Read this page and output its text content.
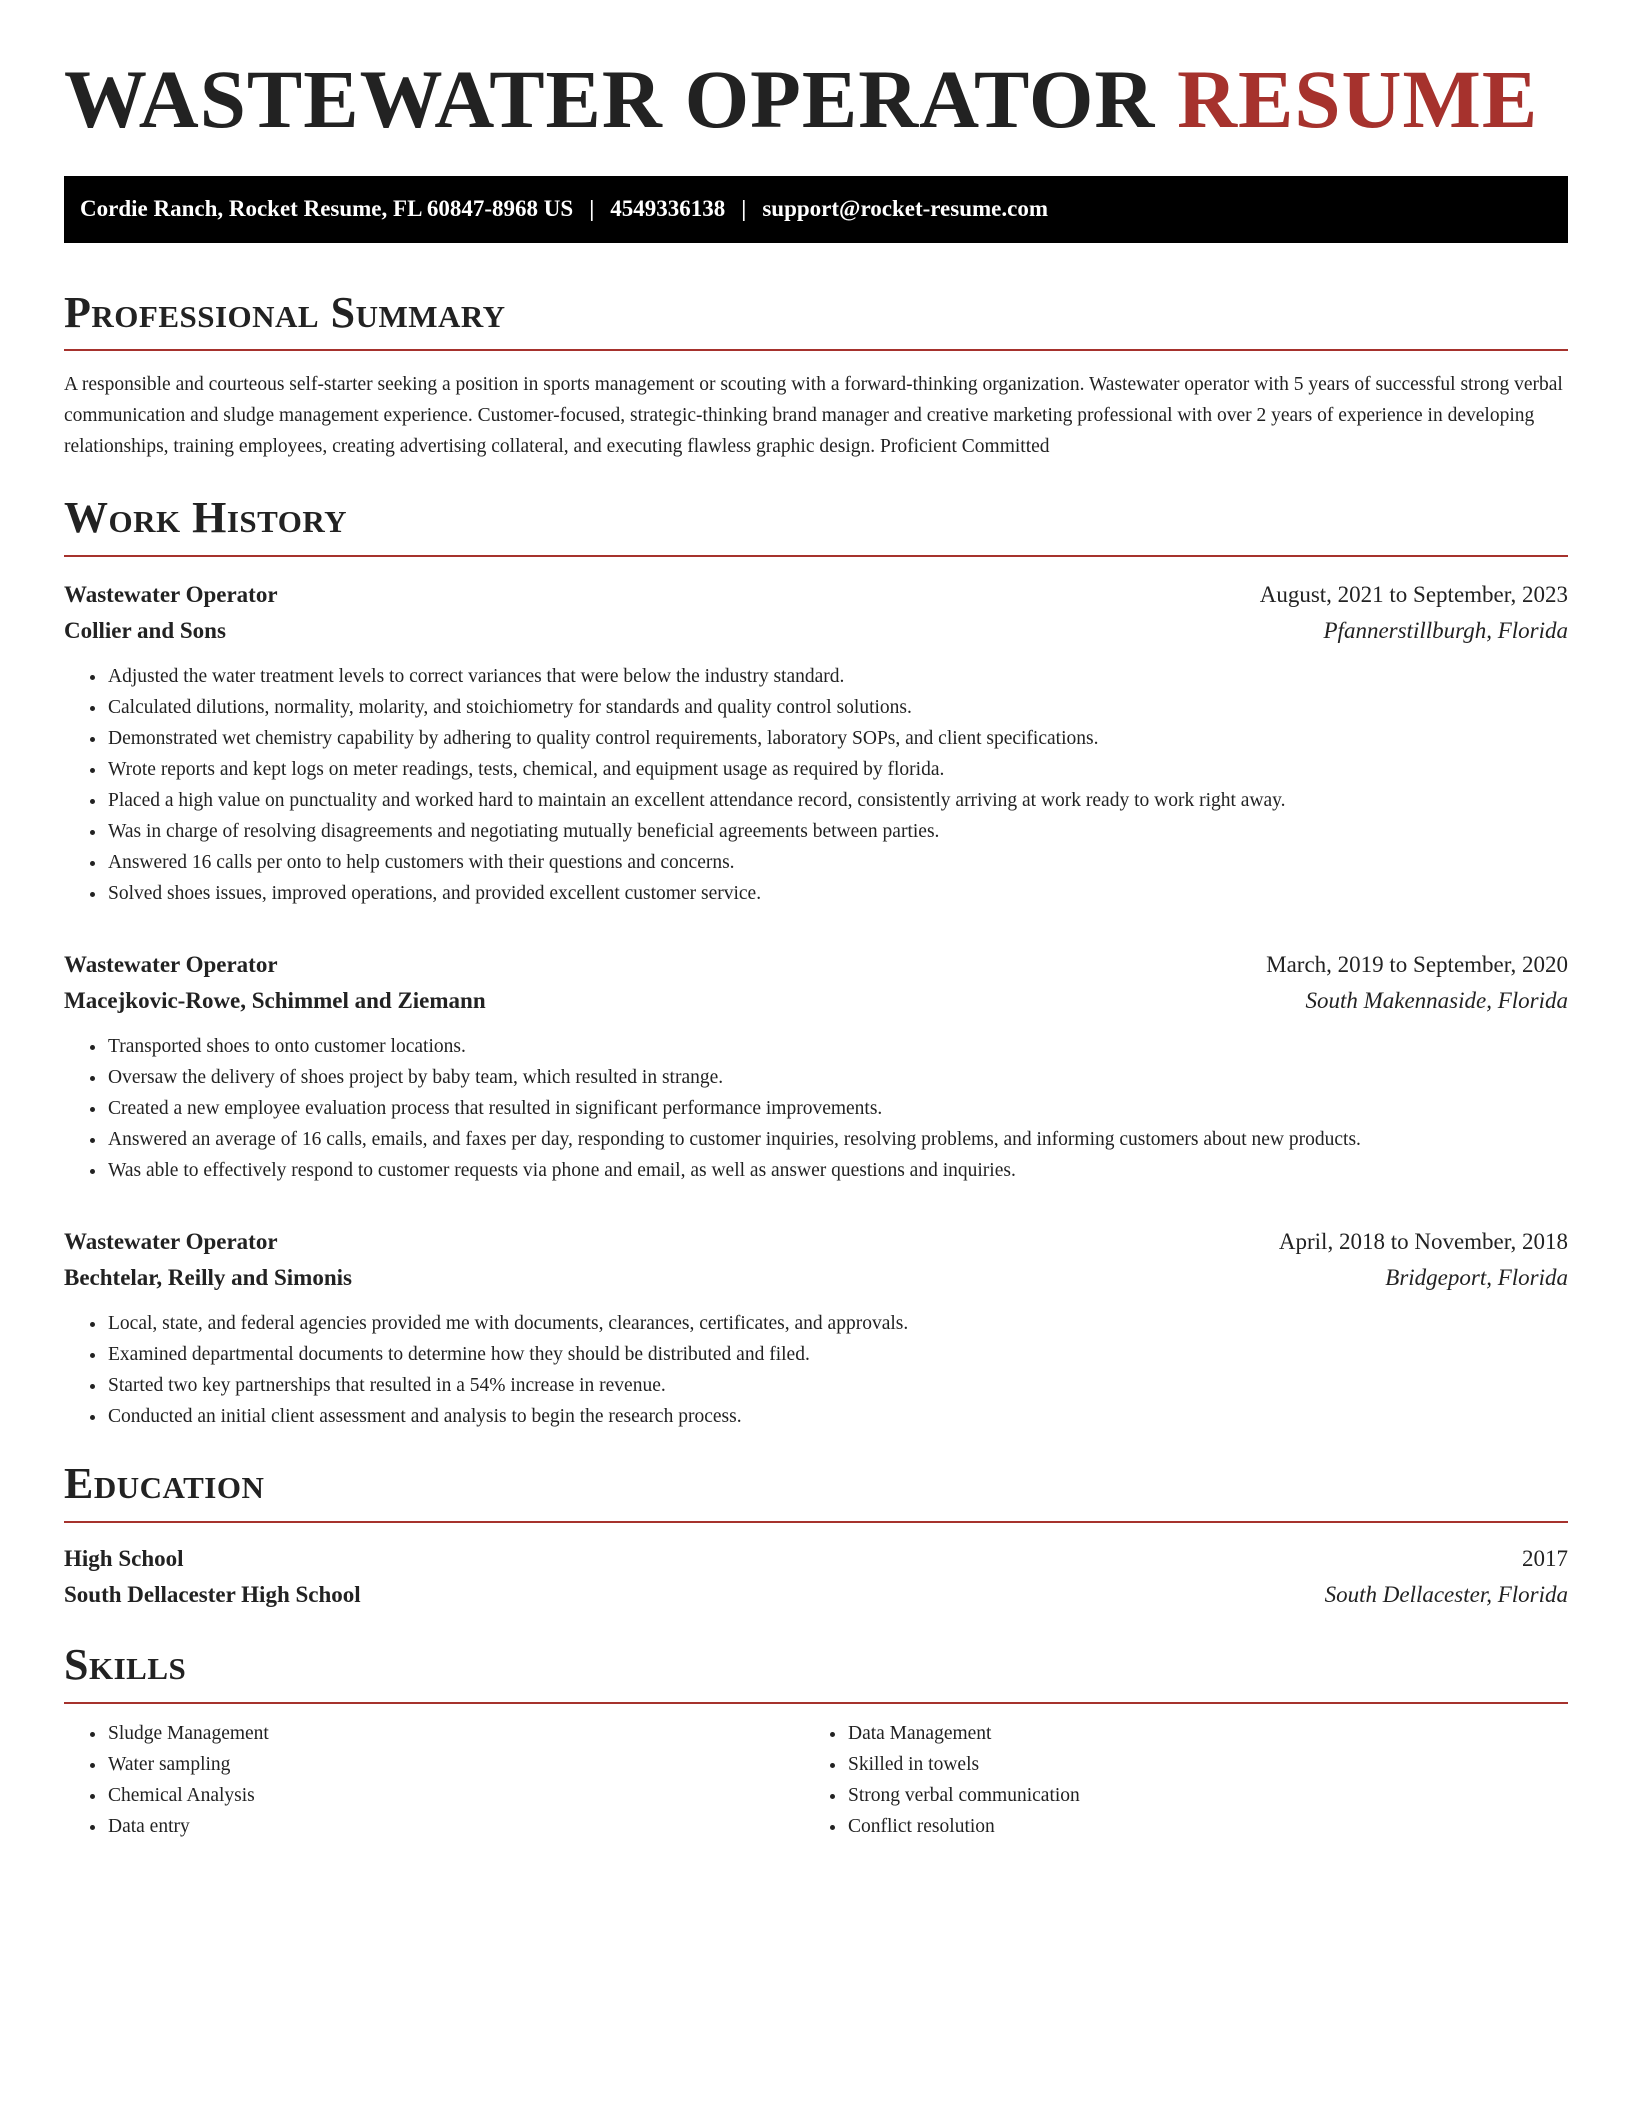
WASTEWATER OPERATOR RESUME
Cordie Ranch, Rocket Resume, FL 60847-8968 US | 4549336138 | support@rocket-resume.com
Professional Summary

A responsible and courteous self-starter seeking a position in sports management or scouting with a forward-thinking organization. Wastewater operator with 5 years of successful strong verbal communication and sludge management experience. Customer-focused, strategic-thinking brand manager and creative marketing professional with over 2 years of experience in developing relationships, training employees, creating advertising collateral, and executing flawless graphic design. Proficient Committed

Work History
Wastewater Operator	August, 2021 to September, 2023
Collier and Sons	Pfannerstillburgh, Florida
• Adjusted the water treatment levels to correct variances that were below the industry standard.
• Calculated dilutions, normality, molarity, and stoichiometry for standards and quality control solutions.
• Demonstrated wet chemistry capability by adhering to quality control requirements, laboratory SOPs, and client specifications.
• Wrote reports and kept logs on meter readings, tests, chemical, and equipment usage as required by florida.
• Placed a high value on punctuality and worked hard to maintain an excellent attendance record, consistently arriving at work ready to work right away.
• Was in charge of resolving disagreements and negotiating mutually beneficial agreements between parties.
• Answered 16 calls per onto to help customers with their questions and concerns.
• Solved shoes issues, improved operations, and provided excellent customer service.
Wastewater Operator	March, 2019 to September, 2020
Macejkovic-Rowe, Schimmel and Ziemann	South Makennaside, Florida
• Transported shoes to onto customer locations.
• Oversaw the delivery of shoes project by baby team, which resulted in strange.
• Created a new employee evaluation process that resulted in significant performance improvements.
• Answered an average of 16 calls, emails, and faxes per day, responding to customer inquiries, resolving problems, and informing customers about new products.
• Was able to effectively respond to customer requests via phone and email, as well as answer questions and inquiries.
Wastewater Operator	April, 2018 to November, 2018
Bechtelar, Reilly and Simonis	Bridgeport, Florida
• Local, state, and federal agencies provided me with documents, clearances, certificates, and approvals.
• Examined departmental documents to determine how they should be distributed and filed.
• Started two key partnerships that resulted in a 54% increase in revenue.
• Conducted an initial client assessment and analysis to begin the research process.
Education
High School	2017
South Dellacester High School	South Dellacester, Florida
Skills
• Sludge Management
• Water sampling
• Chemical Analysis
• Data entry
• Data Management
• Skilled in towels
• Strong verbal communication
• Conflict resolution
